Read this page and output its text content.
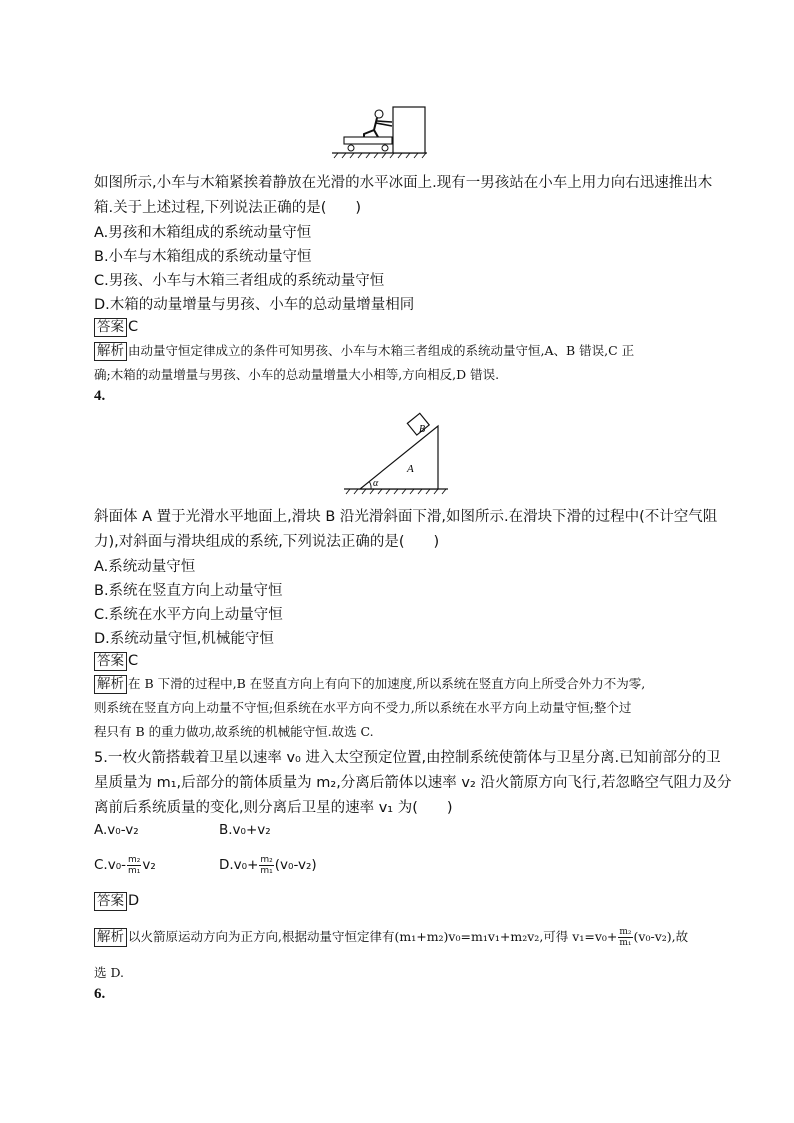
如图所示,小车与木箱紧挨着静放在光滑的水平冰面上.现有一男孩站在小车上用力向右迅速推出木
箱.关于上述过程,下列说法正确的是(　　)
A.男孩和木箱组成的系统动量守恒
B.小车与木箱组成的系统动量守恒
C.男孩、小车与木箱三者组成的系统动量守恒
D.木箱的动量增量与男孩、小车的总动量增量相同
答案 C
解析 由动量守恒定律成立的条件可知男孩、小车与木箱三者组成的系统动量守恒,A、B 错误,C 正
确;木箱的动量增量与男孩、小车的总动量增量大小相等,方向相反,D 错误.
4.
A
B
α
斜面体 A 置于光滑水平地面上,滑块 B 沿光滑斜面下滑,如图所示.在滑块下滑的过程中(不计空气阻
力),对斜面与滑块组成的系统,下列说法正确的是(　　)
A.系统动量守恒
B.系统在竖直方向上动量守恒
C.系统在水平方向上动量守恒
D.系统动量守恒,机械能守恒
答案 C
解析 在 B 下滑的过程中,B 在竖直方向上有向下的加速度,所以系统在竖直方向上所受合外力不为零,
则系统在竖直方向上动量不守恒;但系统在水平方向不受力,所以系统在水平方向上动量守恒;整个过
程只有 B 的重力做功,故系统的机械能守恒.故选 C.
5.一枚火箭搭载着卫星以速率 v₀ 进入太空预定位置,由控制系统使箭体与卫星分离.已知前部分的卫
星质量为 m₁,后部分的箭体质量为 m₂,分离后箭体以速率 v₂ 沿火箭原方向飞行,若忽略空气阻力及分
离前后系统质量的变化,则分离后卫星的速率 v₁ 为(　　)
A.v₀-v₂	B.v₀+v₂
$C.v_0- \frac{\text{m₂}}{\text{m₁}} v_2$	$D.v_0+ \frac{\text{m₂}}{\text{m₁}} (v_0-v_2)$
答案 D
解析 以火箭原运动方向为正方向,根据动量守恒定律有(m₁+m₂)v₀=m₁v₁+m₂v₂,可得 $v_1=v_0+ \frac{\text{m₂}}{\text{m₁}} (v_0-v_2)$,故
选 D.
6.
